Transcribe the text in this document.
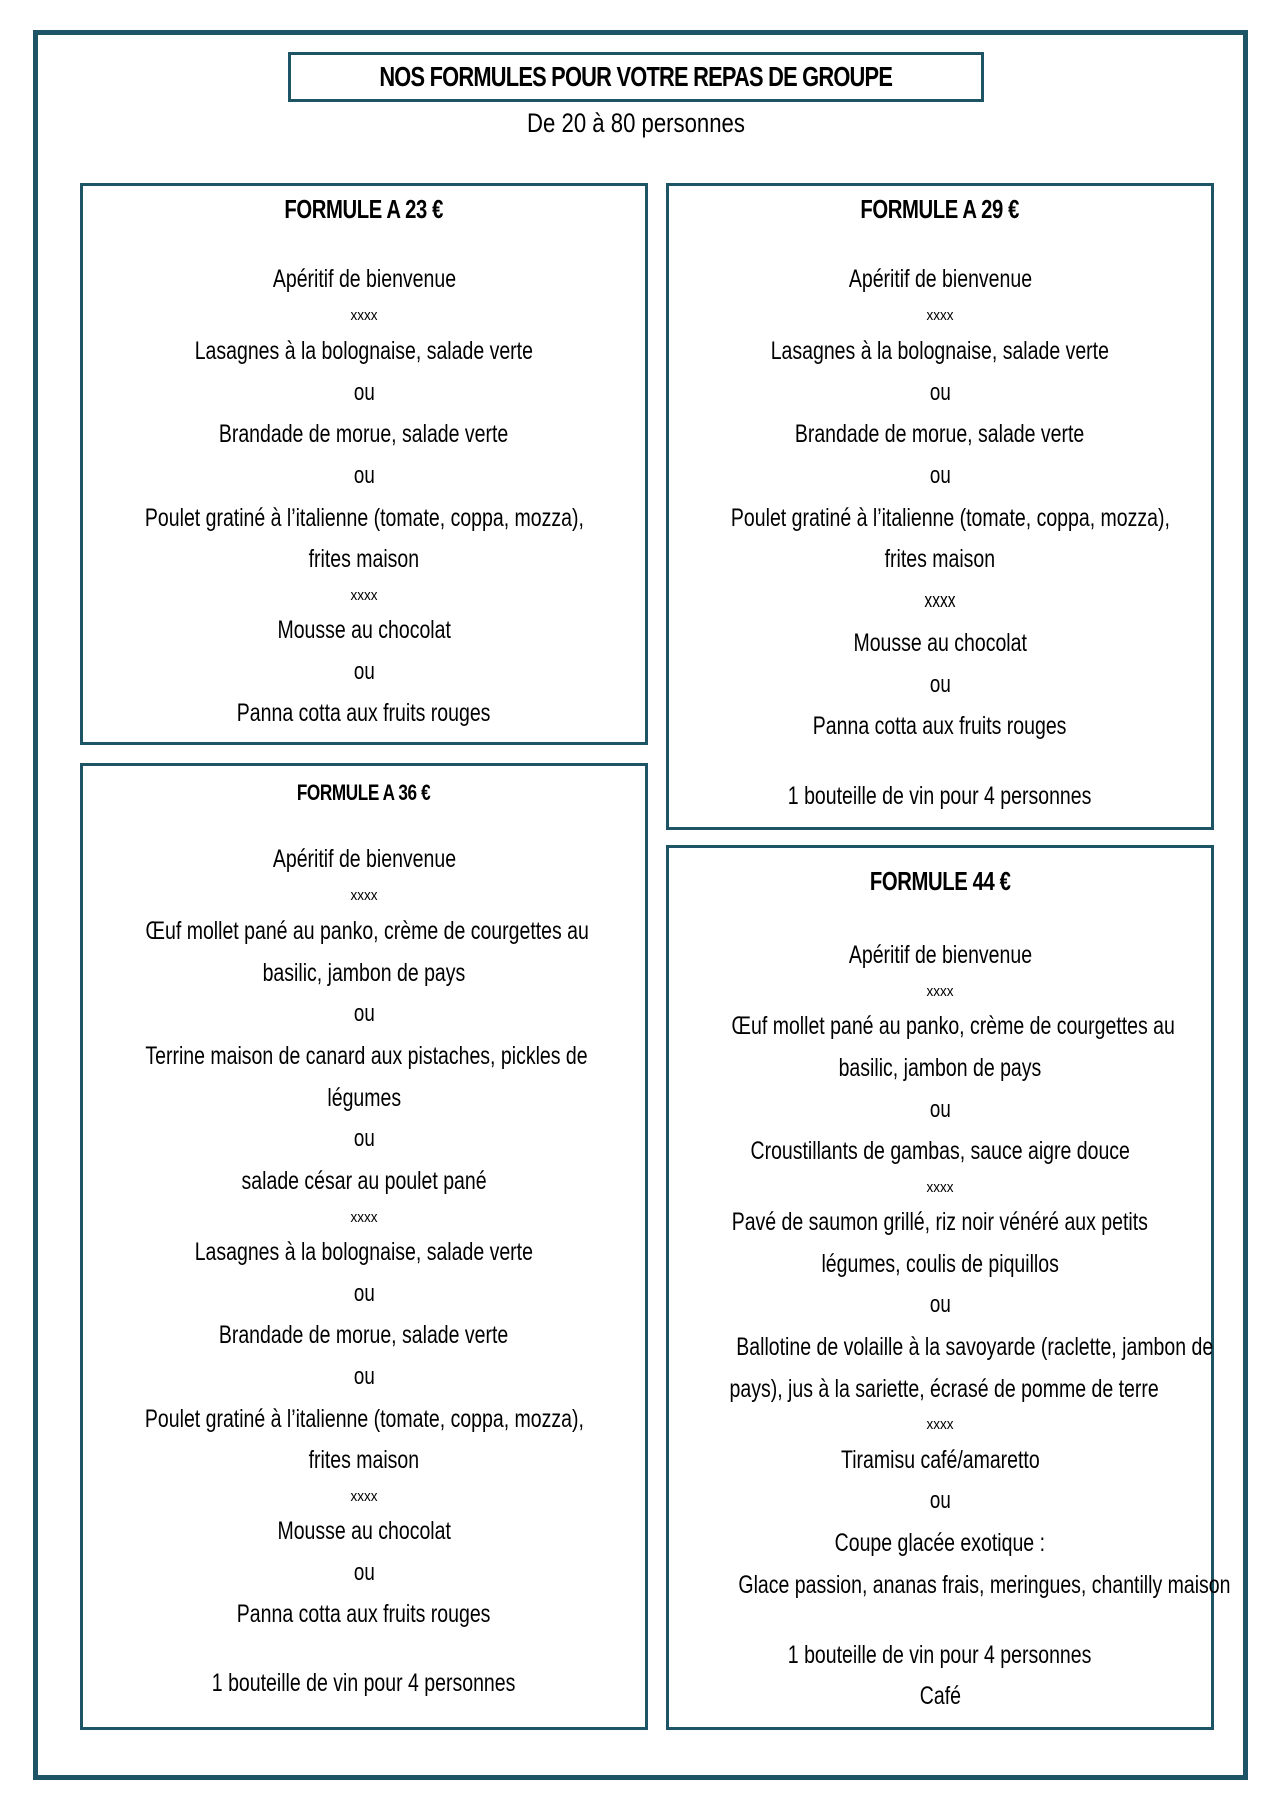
NOS FORMULES POUR VOTRE REPAS DE GROUPE
De 20 à 80 personnes
FORMULE A 23 €
Apéritif de bienvenue
xxxx
Lasagnes à la bolognaise, salade verte
ou
Brandade de morue, salade verte
ou
Poulet gratiné à l’italienne (tomate, coppa, mozza),
frites maison
xxxx
Mousse au chocolat
ou
Panna cotta aux fruits rouges
FORMULE A 29 €
Apéritif de bienvenue
xxxx
Lasagnes à la bolognaise, salade verte
ou
Brandade de morue, salade verte
ou
Poulet gratiné à l’italienne (tomate, coppa, mozza),
frites maison
xxxx
Mousse au chocolat
ou
Panna cotta aux fruits rouges
1 bouteille de vin pour 4 personnes
FORMULE A 36 €
Apéritif de bienvenue
xxxx
Œuf mollet pané au panko, crème de courgettes au
basilic, jambon de pays
ou
Terrine maison de canard aux pistaches, pickles de
légumes
ou
salade césar au poulet pané
xxxx
Lasagnes à la bolognaise, salade verte
ou
Brandade de morue, salade verte
ou
Poulet gratiné à l’italienne (tomate, coppa, mozza),
frites maison
xxxx
Mousse au chocolat
ou
Panna cotta aux fruits rouges
1 bouteille de vin pour 4 personnes
FORMULE 44 €
Apéritif de bienvenue
xxxx
Œuf mollet pané au panko, crème de courgettes au
basilic, jambon de pays
ou
Croustillants de gambas, sauce aigre douce
xxxx
Pavé de saumon grillé, riz noir vénéré aux petits
légumes, coulis de piquillos
ou
Ballotine de volaille à la savoyarde (raclette, jambon de
pays), jus à la sariette, écrasé de pomme de terre
xxxx
Tiramisu café/amaretto
ou
Coupe glacée exotique :
Glace passion, ananas frais, meringues, chantilly maison
1 bouteille de vin pour 4 personnes
Café
